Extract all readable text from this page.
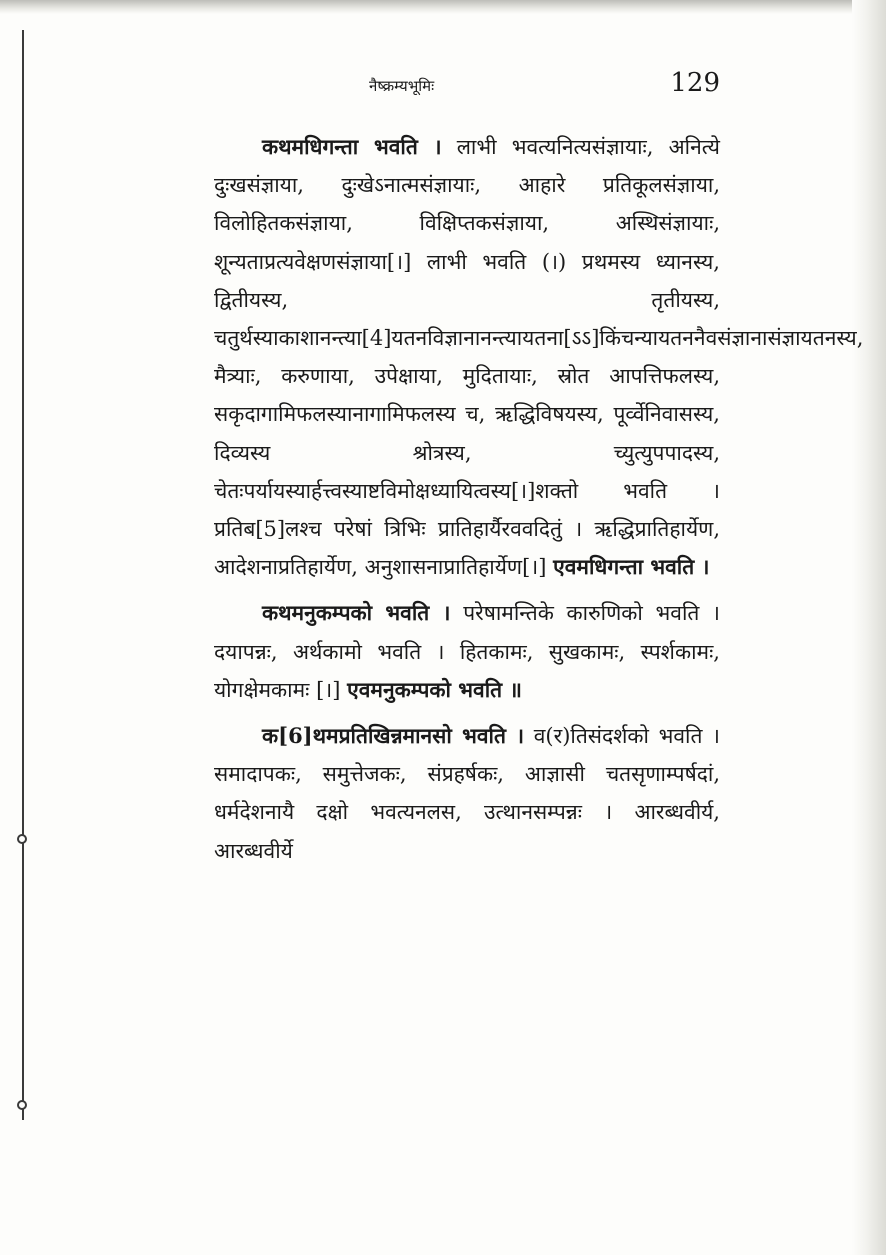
नैष्क्रम्यभूमिः	129

कथमधिगन्ता भवति । लाभी भवत्यनित्यसंज्ञायाः, अनित्ये दुःखसंज्ञाया, दुःखेऽनात्मसंज्ञायाः, आहारे प्रतिकूलसंज्ञाया, विलोहितकसंज्ञाया, विक्षिप्तकसंज्ञाया, अस्थिसंज्ञायाः, शून्यताप्रत्यवेक्षणसंज्ञाया[।] लाभी भवति (।) प्रथमस्य ध्यानस्य, द्वितीयस्य, तृतीयस्य, चतुर्थस्याकाशानन्त्या[4]यतनविज्ञानानन्त्यायतना[ऽऽ]किंचन्यायतननैवसंज्ञानासंज्ञायतनस्य, मैत्र्याः, करुणाया, उपेक्षाया, मुदितायाः, स्रोत आपत्तिफलस्य, सकृदागामिफलस्यानागामिफलस्य च, ऋद्धिविषयस्य, पूर्व्वेनिवासस्य, दिव्यस्य श्रोत्रस्य, च्युत्युपपादस्य, चेतःपर्यायस्यार्हत्त्वस्याष्टविमोक्षध्यायित्वस्य[।]शक्तो भवति । प्रतिब[5]लश्च परेषां त्रिभिः प्रातिहार्यैरववदितुं । ऋद्धिप्रातिहार्येण, आदेशनाप्रतिहार्येण, अनुशासनाप्रातिहार्येण[।] एवमधिगन्ता भवति ।

कथमनुकम्पको भवति । परेषामन्तिके कारुणिको भवति । दयापन्नः, अर्थकामो भवति । हितकामः, सुखकामः, स्पर्शकामः, योगक्षेमकामः [।] एवमनुकम्पको भवति ॥

क[6]थमप्रतिखिन्नमानसो भवति । व(र)तिसंदर्शको भवति । समादापकः, समुत्तेजकः, संप्रहर्षकः, आज्ञासी चतसृणाम्पर्षदां, धर्मदेशनायै दक्षो भवत्यनलस, उत्थानसम्पन्नः । आरब्धवीर्य, आरब्धवीर्ये
